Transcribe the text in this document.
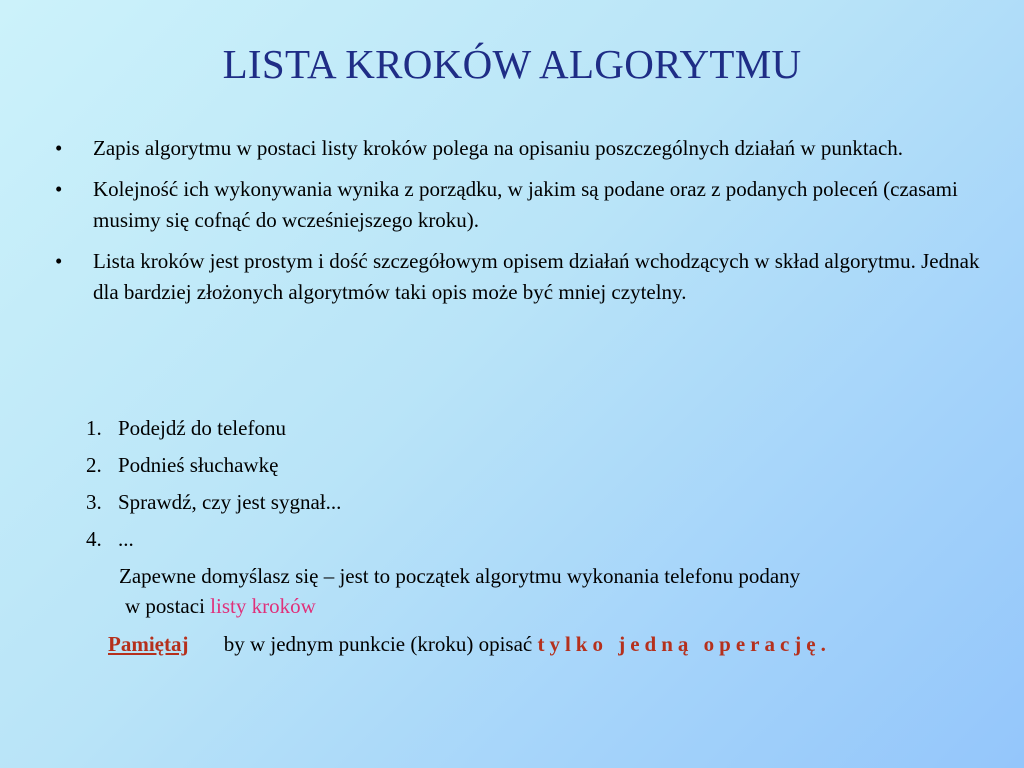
LISTA KROKÓW ALGORYTMU
• Zapis algorytmu w postaci listy kroków polega na opisaniu poszczególnych działań w punktach.
• Kolejność ich wykonywania wynika z porządku, w jakim są podane oraz z podanych poleceń (czasami musimy się cofnąć do wcześniejszego kroku).
• Lista kroków jest prostym i dość szczegółowym opisem działań wchodzących w skład algorytmu. Jednak dla bardziej złożonych algorytmów taki opis może być mniej czytelny.
1. Podejdź do telefonu
2. Podnieś słuchawkę
3. Sprawdź, czy jest sygnał...
4. ...
Zapewne domyślasz się – jest to początek algorytmu wykonania telefonu podany
w postaci listy kroków
Pamiętaj by w jednym punkcie (kroku) opisać tylko jedną operację.
